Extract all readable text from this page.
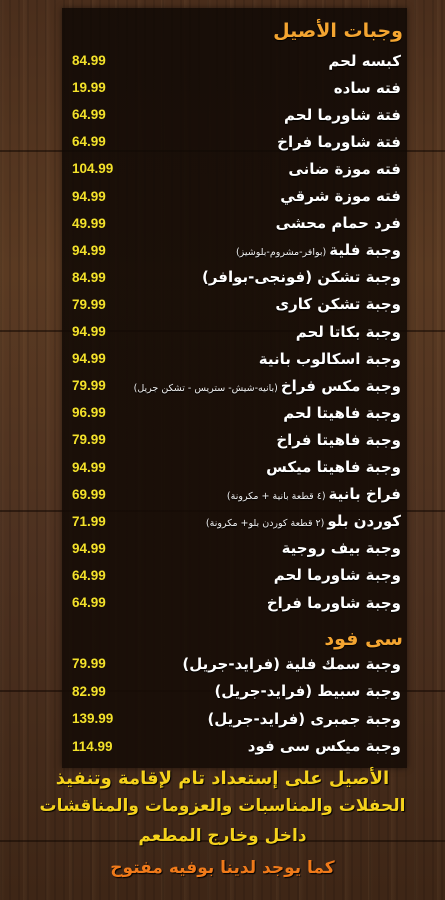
وجبات الأصيل
84.99	كبسه لحم
19.99	فته ساده
64.99	فتة شاورما لحم
64.99	فتة شاورما فراخ
104.99	فته موزة ضانى
94.99	فته موزة شرقي
49.99	فرد حمام محشى
94.99	وجبة فلية(بوافر-مشروم-بلوشيز)
84.99	وجبة تشكن (فونجى-بوافر)
79.99	وجبة تشكن كارى
94.99	وجبة بكاتا لحم
94.99	وجبة اسكالوب بانية
79.99	وجبة مكس فراخ(بانيه-شيش- ستريس - تشكن جريل)
96.99	وجبة فاهيتا لحم
79.99	وجبة فاهيتا فراخ
94.99	وجبة فاهيتا ميكس
69.99	فراخ بانية(٤ قطعة بانية + مكرونة)
71.99	كوردن بلو(٢ قطعة كوردن بلو+ مكرونة)
94.99	وجبة بيف روجية
64.99	وجبة شاورما لحم
64.99	وجبة شاورما فراخ
سى فود
79.99	وجبة سمك فلية (فرايد-جريل)
82.99	وجبة سبيط (فرايد-جريل)
139.99	وجبة جمبرى (فرايد-جريل)
114.99	وجبة ميكس سى فود
الأصيل على إستعداد تام لإقامة وتنفيذ
الحفلات والمناسبات والعزومات والمناقشات
داخل وخارج المطعم
كما يوجد لدينا بوفيه مفتوح
